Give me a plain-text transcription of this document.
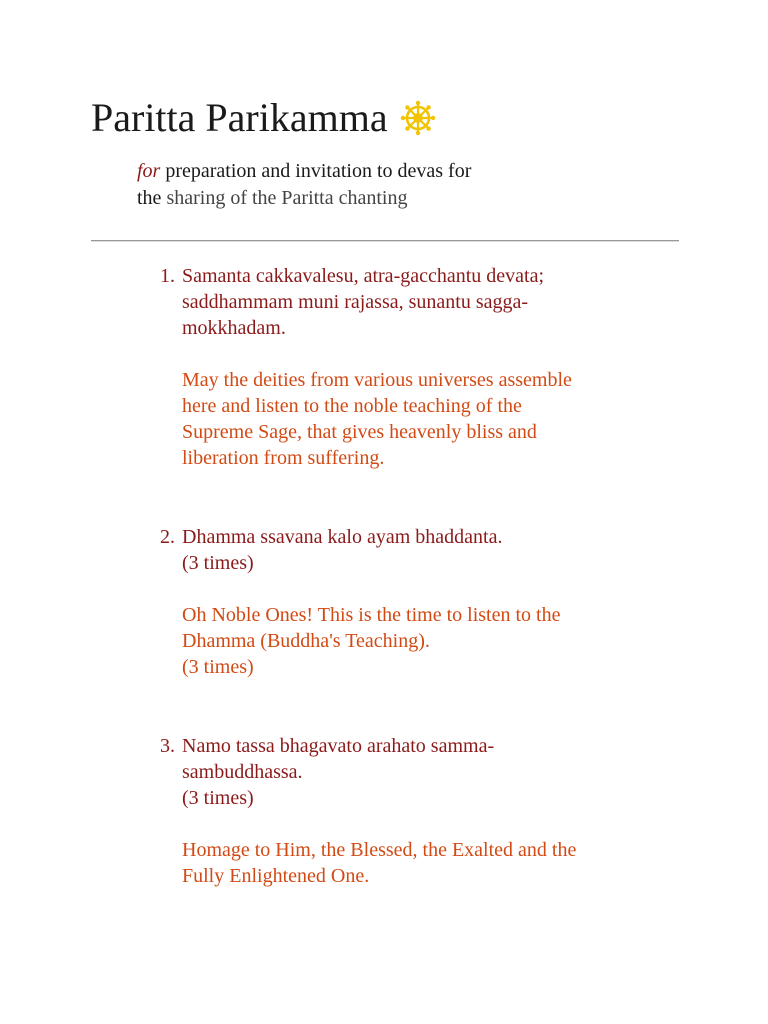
Paritta Parikamma
for preparation and invitation to devas for
the sharing of the Paritta chanting
1. Samanta cakkavalesu, atra-gacchantu devata;
saddhammam muni rajassa, sunantu sagga-
mokkhadam.
May the deities from various universes assemble
here and listen to the noble teaching of the
Supreme Sage, that gives heavenly bliss and
liberation from suffering.
2. Dhamma ssavana kalo ayam bhaddanta.
(3 times)
Oh Noble Ones! This is the time to listen to the
Dhamma (Buddha's Teaching).
(3 times)
3. Namo tassa bhagavato arahato samma-
sambuddhassa.
(3 times)
Homage to Him, the Blessed, the Exalted and the
Fully Enlightened One.
